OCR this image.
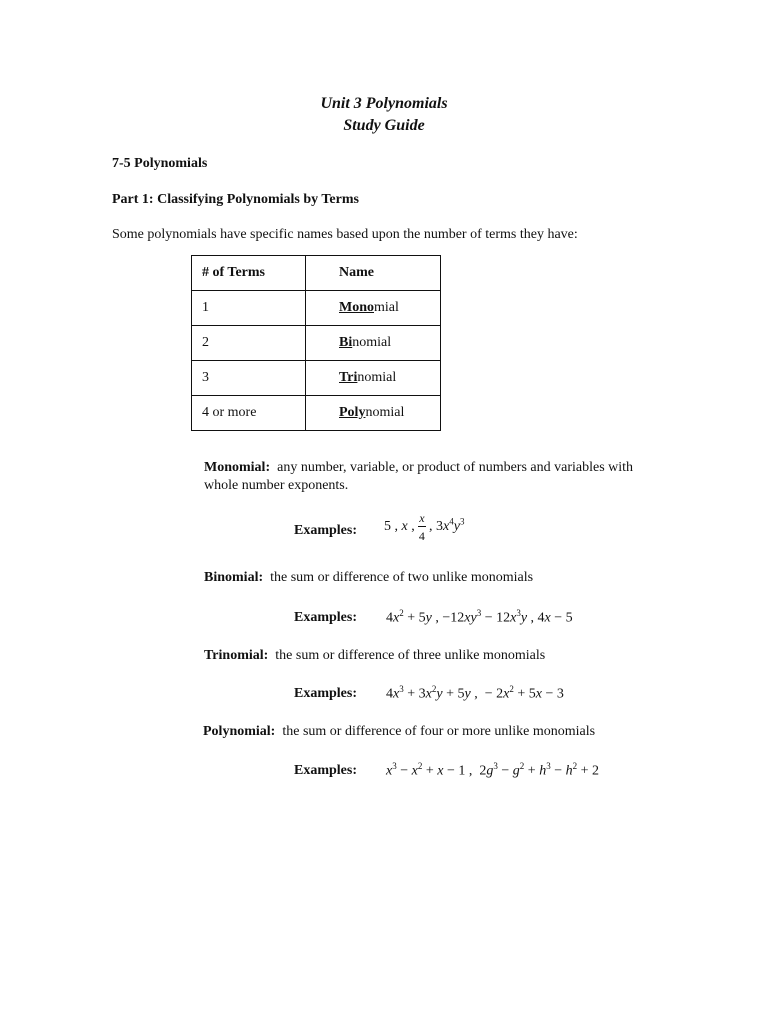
Unit 3 Polynomials
Study Guide
7-5 Polynomials
Part 1: Classifying Polynomials by Terms
Some polynomials have specific names based upon the number of terms they have:
# of Terms	Name
1	Monomial
2	Binomial
3	Trinomial
4 or more	Polynomial
Monomial: any number, variable, or product of numbers and variables with whole number exponents.
Examples: 5 , x , $\frac{x}{4}$ , $3x^4y^3$
Binomial: the sum or difference of two unlike monomials
Examples: $4x^2 + 5y$ , $-12xy^3 - 12x^3y$ , 4x − 5
Trinomial: the sum or difference of three unlike monomials
Examples: $4x^3 + 3x^2y + 5y$ ,  − $2x^2 + 5x - 3$
Polynomial: the sum or difference of four or more unlike monomials
Examples: $x^3 - x^2 + x - 1$ ,  $2g^3 - g^2 + h^3 - h^2 + 2$
